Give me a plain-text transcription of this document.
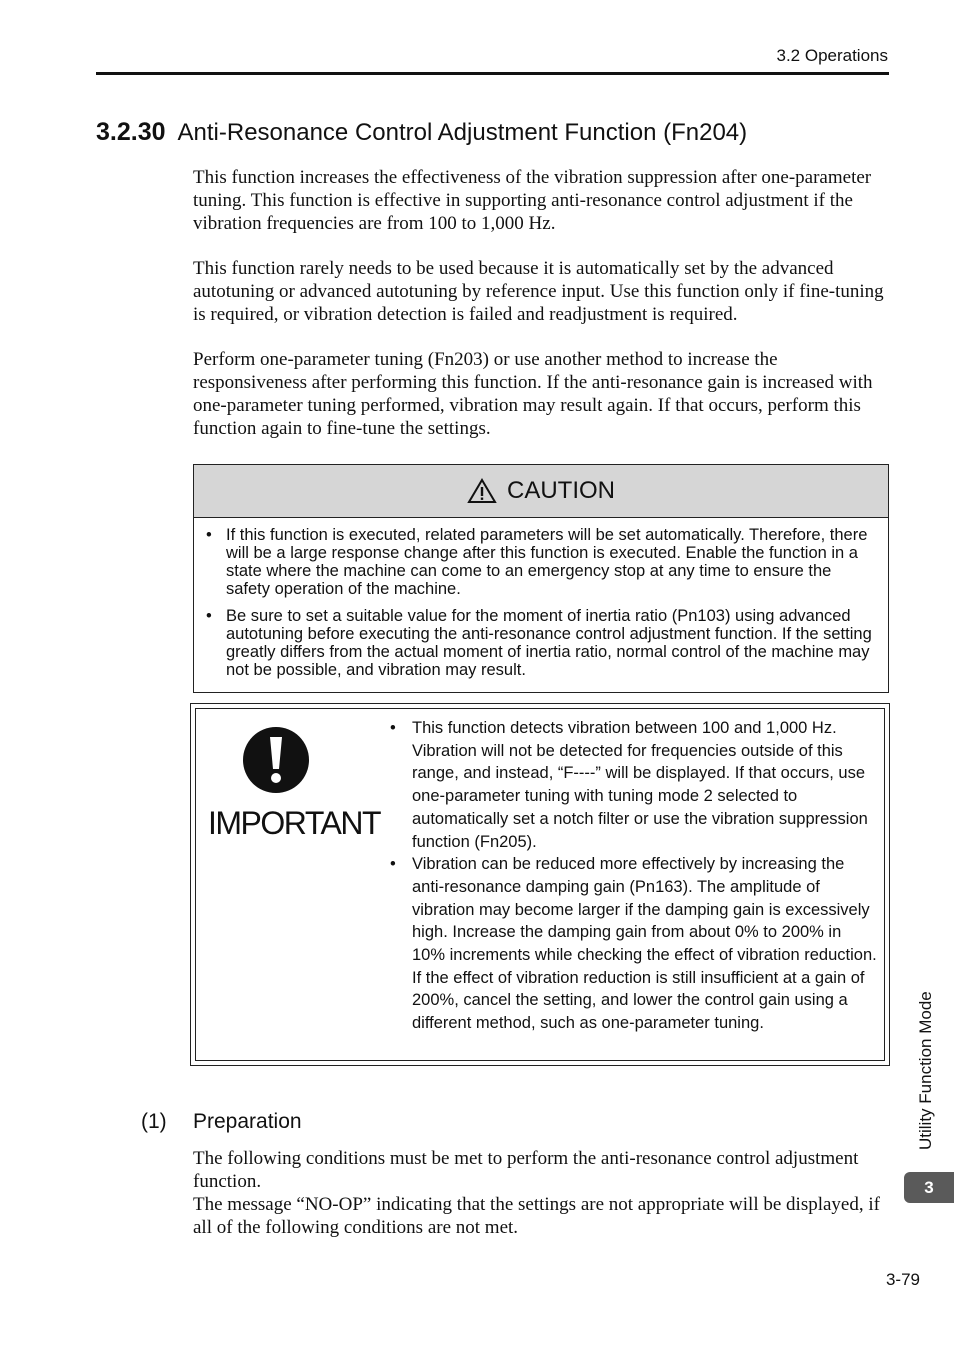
3.2 Operations
3.2.30 Anti-Resonance Control Adjustment Function (Fn204)

This function increases the effectiveness of the vibration suppression after one-parameter tuning. This function is effective in supporting anti-resonance control adjustment if the vibration frequencies are from 100 to 1,000 Hz.

This function rarely needs to be used because it is automatically set by the advanced autotuning or advanced autotuning by reference input. Use this function only if fine-tuning is required, or vibration detection is failed and readjustment is required.

Perform one-parameter tuning (Fn203) or use another method to increase the responsiveness after performing this function. If the anti-resonance gain is increased with one-parameter tuning performed, vibration may result again. If that occurs, perform this function again to fine-tune the settings.

CAUTION
• If this function is executed, related parameters will be set automatically. Therefore, there will be a large response change after this function is executed. Enable the function in a state where the machine can come to an emergency stop at any time to ensure the safety operation of the machine.
• Be sure to set a suitable value for the moment of inertia ratio (Pn103) using advanced autotuning before executing the anti-resonance control adjustment function. If the setting greatly differs from the actual moment of inertia ratio, normal control of the machine may not be possible, and vibration may result.
IMPORTANT
• This function detects vibration between 100 and 1,000 Hz. Vibration will not be detected for frequencies outside of this range, and instead, “F----” will be displayed. If that occurs, use one-parameter tuning with tuning mode 2 selected to automatically set a notch filter or use the vibration suppression function (Fn205).
• Vibration can be reduced more effectively by increasing the anti-resonance damping gain (Pn163). The amplitude of vibration may become larger if the damping gain is excessively high. Increase the damping gain from about 0% to 200% in 10% increments while checking the effect of vibration reduction. If the effect of vibration reduction is still insufficient at a gain of 200%, cancel the setting, and lower the control gain using a different method, such as one-parameter tuning.
(1) Preparation

The following conditions must be met to perform the anti-resonance control adjustment function.

The message “NO-OP” indicating that the settings are not appropriate will be displayed, if all of the following conditions are not met.

Utility Function Mode
3
3-79
